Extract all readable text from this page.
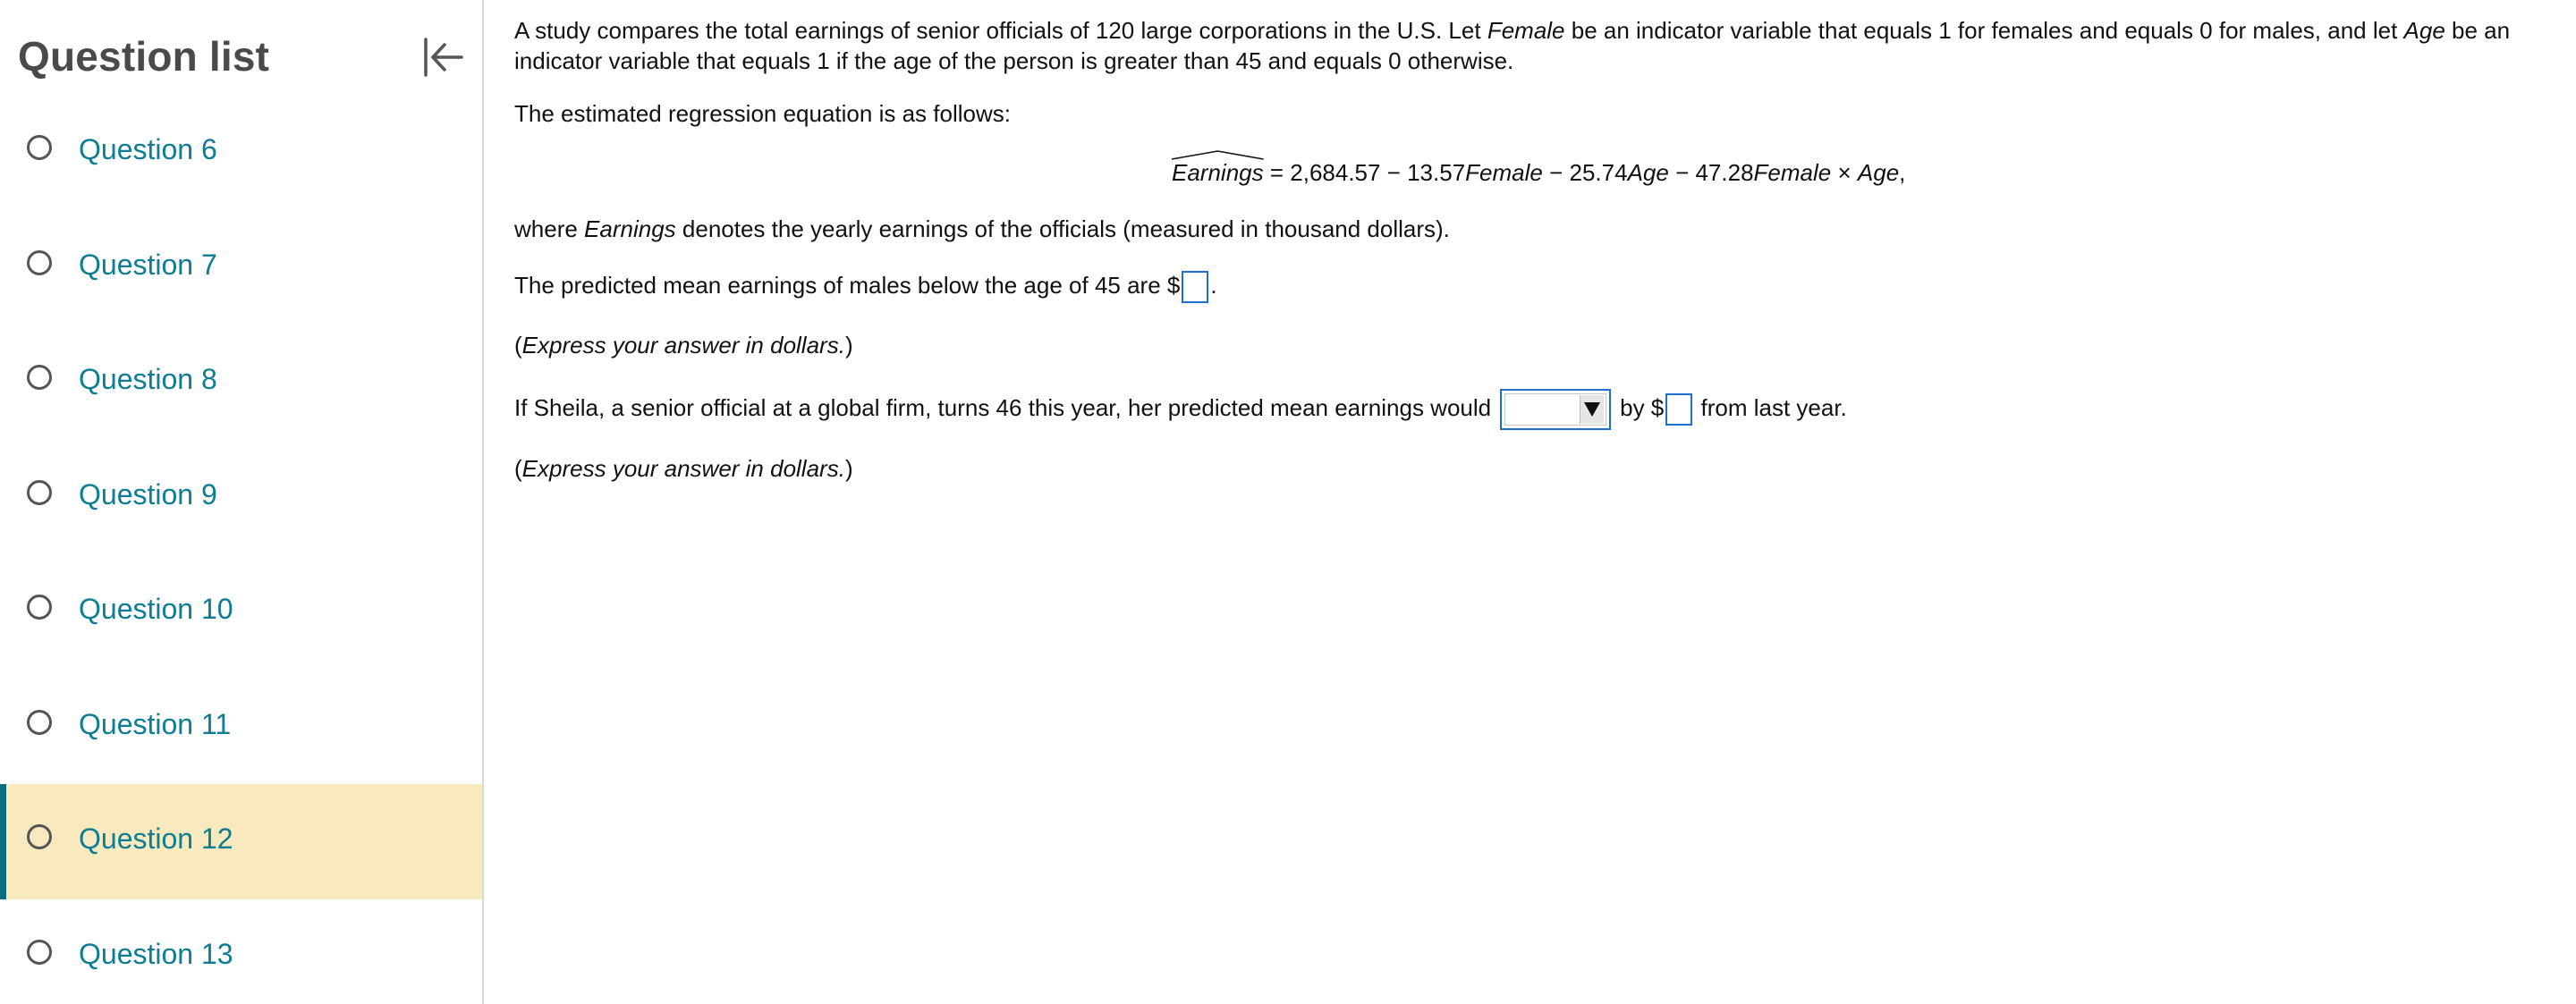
Question list
Question 6
Question 7
Question 8
Question 9
Question 10
Question 11
Question 12
Question 13
A study compares the total earnings of senior officials of 120 large corporations in the U.S. Let Female be an indicator variable that equals 1 for females and equals 0 for males, and let Age be an
indicator variable that equals 1 if the age of the person is greater than 45 and equals 0 otherwise.
The estimated regression equation is as follows:
Earnings = 2,684.57 − 13.57Female − 25.74Age − 47.28Female × Age,
where Earnings denotes the yearly earnings of the officials (measured in thousand dollars).
The predicted mean earnings of males below the age of 45 are $ .
(Express your answer in dollars.)
If Sheila, a senior official at a global firm, turns 46 this year, her predicted mean earnings would	by $ from last year.
(Express your answer in dollars.)
